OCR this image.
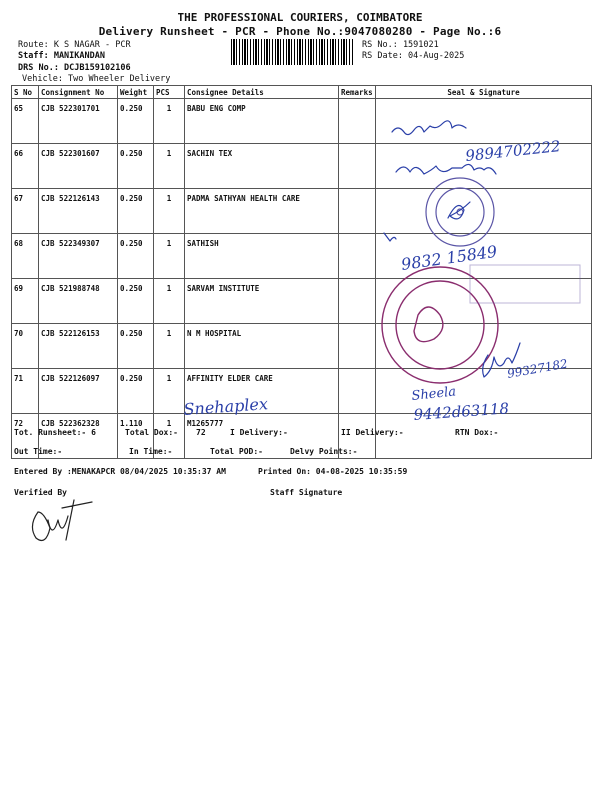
THE PROFESSIONAL COURIERS, COIMBATORE
Delivery Runsheet - PCR - Phone No.:9047080280 - Page No.:6
Route: K S NAGAR - PCR
Staff: MANIKANDAN
DRS No.: DCJB159102106
Vehicle: Two Wheeler Delivery
RS No.: 1591021
RS Date: 04-Aug-2025
S No	Consignment No	Weight	PCS	Consignee Details	Remarks	Seal & Signature
65	CJB 522301701	0.250	1	BABU ENG COMP		
66	CJB 522301607	0.250	1	SACHIN TEX		
67	CJB 522126143	0.250	1	PADMA SATHYAN HEALTH CARE		
68	CJB 522349307	0.250	1	SATHISH		
69	CJB 521988748	0.250	1	SARVAM INSTITUTE		
70	CJB 522126153	0.250	1	N M HOSPITAL		
71	CJB 522126097	0.250	1	AFFINITY ELDER CARE		
72	CJB 522362328	1.110	1	M1265777		
9894702222
9832 15849
99327182
Sheela
9442d63118
Snehaplex
Tot. Runsheet:- 6	Total Dox:- 72	I Delivery:-	II Delivery:-	RTN Dox:-
Out Time:-	In Time:-	Total POD:-	Delvy Points:-
Entered By :MENAKAPCR 08/04/2025 10:35:37 AM	Printed On: 04-08-2025 10:35:59
Verified By	Staff Signature
